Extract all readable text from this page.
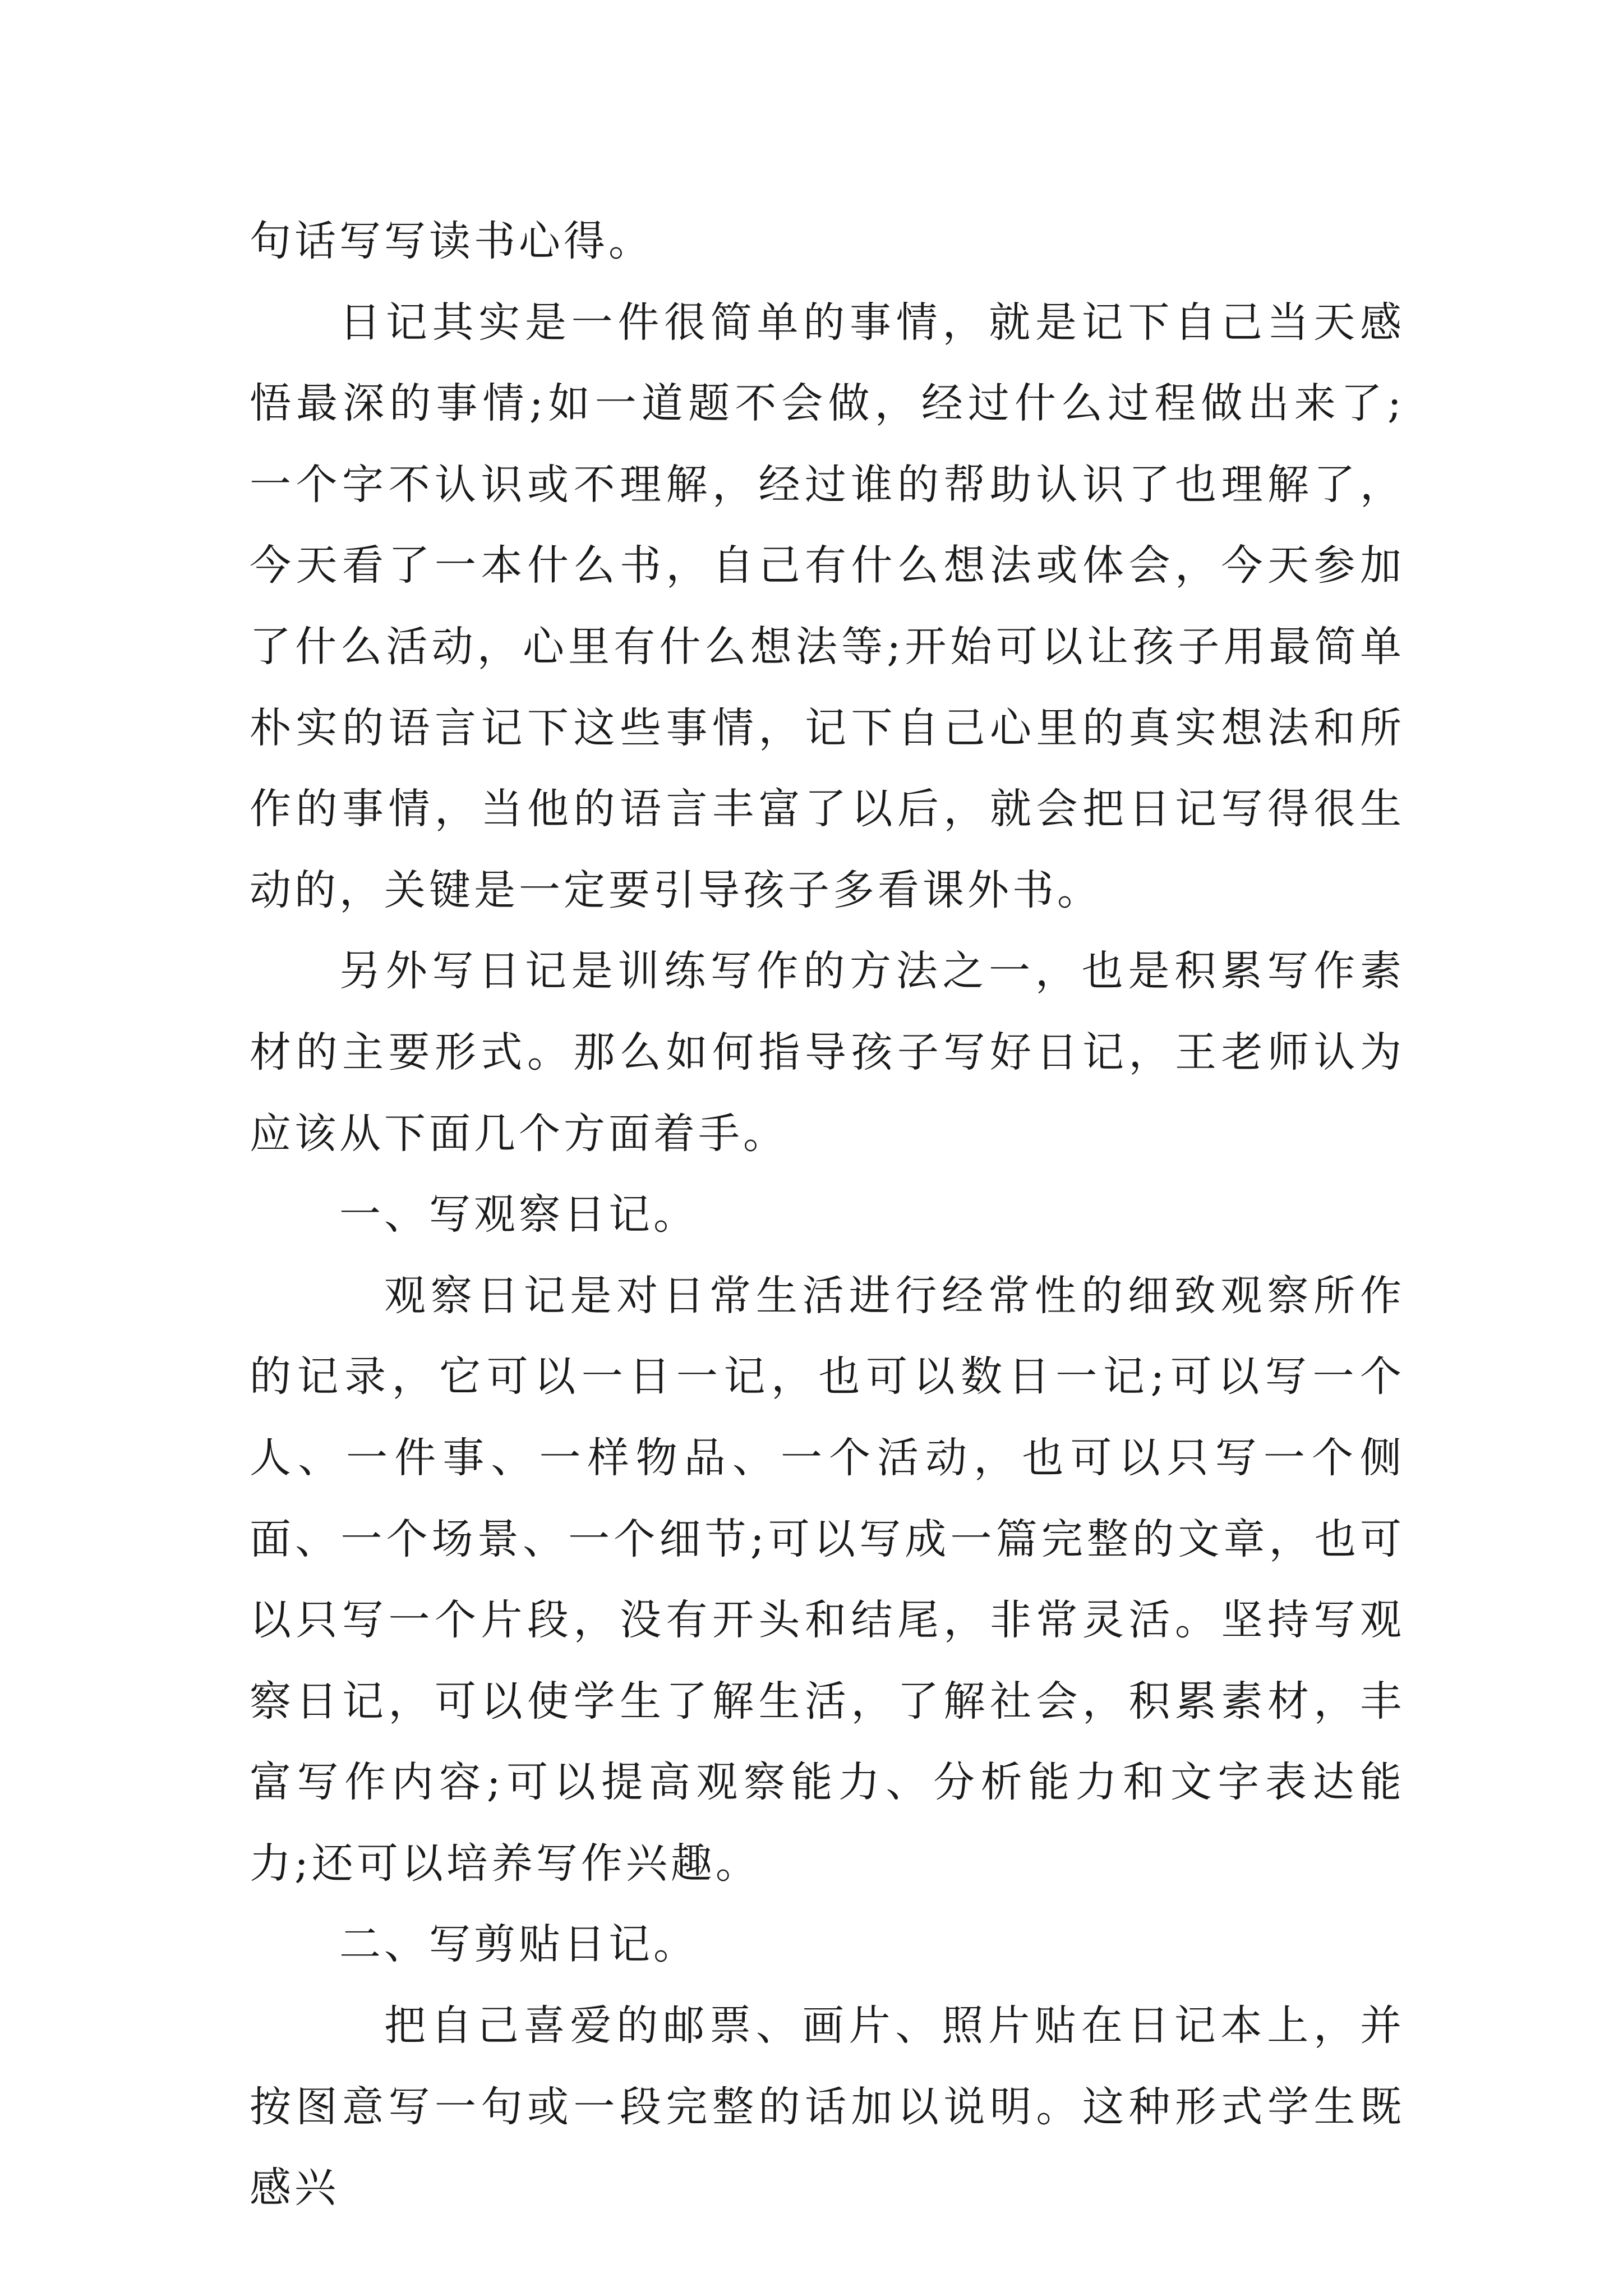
句话写写读书心得。

日记其实是一件很简单的事情，就是记下自己当天感悟最深的事情;如一道题不会做，经过什么过程做出来了;一个字不认识或不理解，经过谁的帮助认识了也理解了，今天看了一本什么书，自己有什么想法或体会，今天参加了什么活动，心里有什么想法等;开始可以让孩子用最简单朴实的语言记下这些事情，记下自己心里的真实想法和所作的事情，当他的语言丰富了以后，就会把日记写得很生动的，关键是一定要引导孩子多看课外书。

另外写日记是训练写作的方法之一，也是积累写作素材的主要形式。那么如何指导孩子写好日记，王老师认为应该从下面几个方面着手。

一、写观察日记。

观察日记是对日常生活进行经常性的细致观察所作的记录，它可以一日一记，也可以数日一记;可以写一个人、一件事、一样物品、一个活动，也可以只写一个侧面、一个场景、一个细节;可以写成一篇完整的文章，也可以只写一个片段，没有开头和结尾，非常灵活。坚持写观察日记，可以使学生了解生活，了解社会，积累素材，丰富写作内容;可以提高观察能力、分析能力和文字表达能力;还可以培养写作兴趣。

二、写剪贴日记。

把自己喜爱的邮票、画片、照片贴在日记本上，并按图意写一句或一段完整的话加以说明。这种形式学生既感兴
